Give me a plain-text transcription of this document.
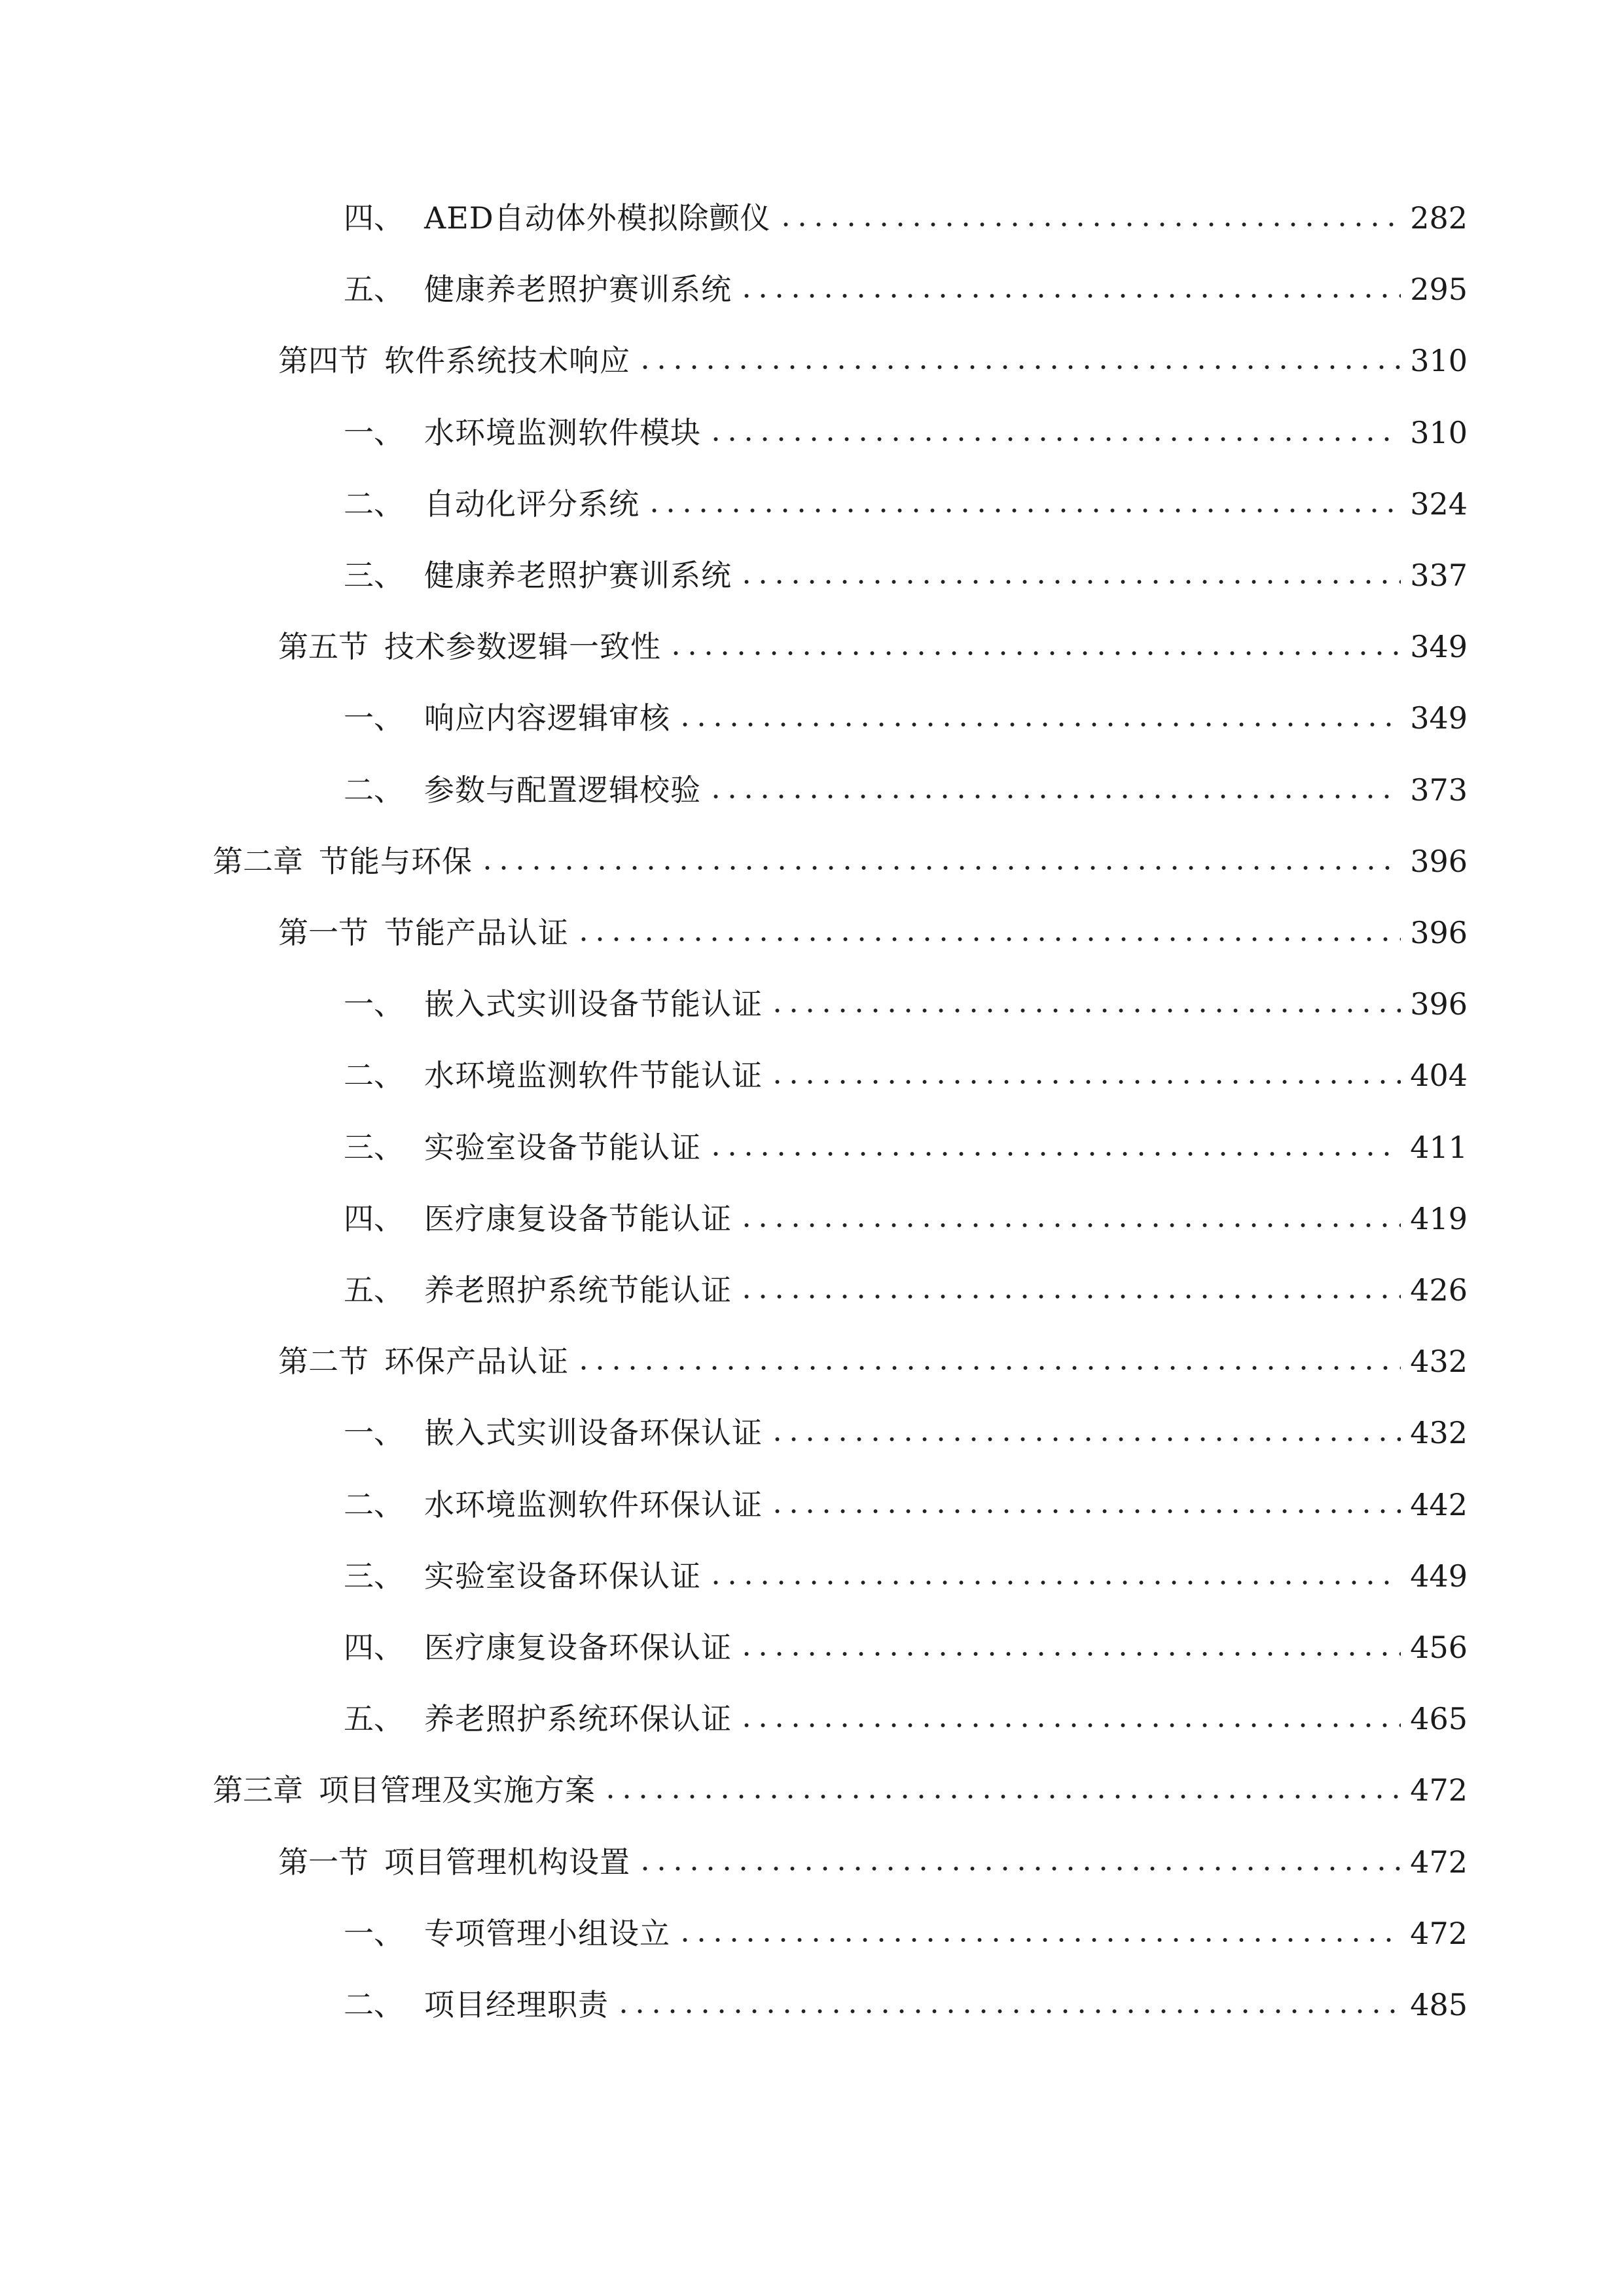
四、 AED自动体外模拟除颤仪	282
五、 健康养老照护赛训系统	295
第四节 软件系统技术响应	310
一、 水环境监测软件模块	310
二、 自动化评分系统	324
三、 健康养老照护赛训系统	337
第五节 技术参数逻辑一致性	349
一、 响应内容逻辑审核	349
二、 参数与配置逻辑校验	373
第二章 节能与环保	396
第一节 节能产品认证	396
一、 嵌入式实训设备节能认证	396
二、 水环境监测软件节能认证	404
三、 实验室设备节能认证	411
四、 医疗康复设备节能认证	419
五、 养老照护系统节能认证	426
第二节 环保产品认证	432
一、 嵌入式实训设备环保认证	432
二、 水环境监测软件环保认证	442
三、 实验室设备环保认证	449
四、 医疗康复设备环保认证	456
五、 养老照护系统环保认证	465
第三章 项目管理及实施方案	472
第一节 项目管理机构设置	472
一、 专项管理小组设立	472
二、 项目经理职责	485
